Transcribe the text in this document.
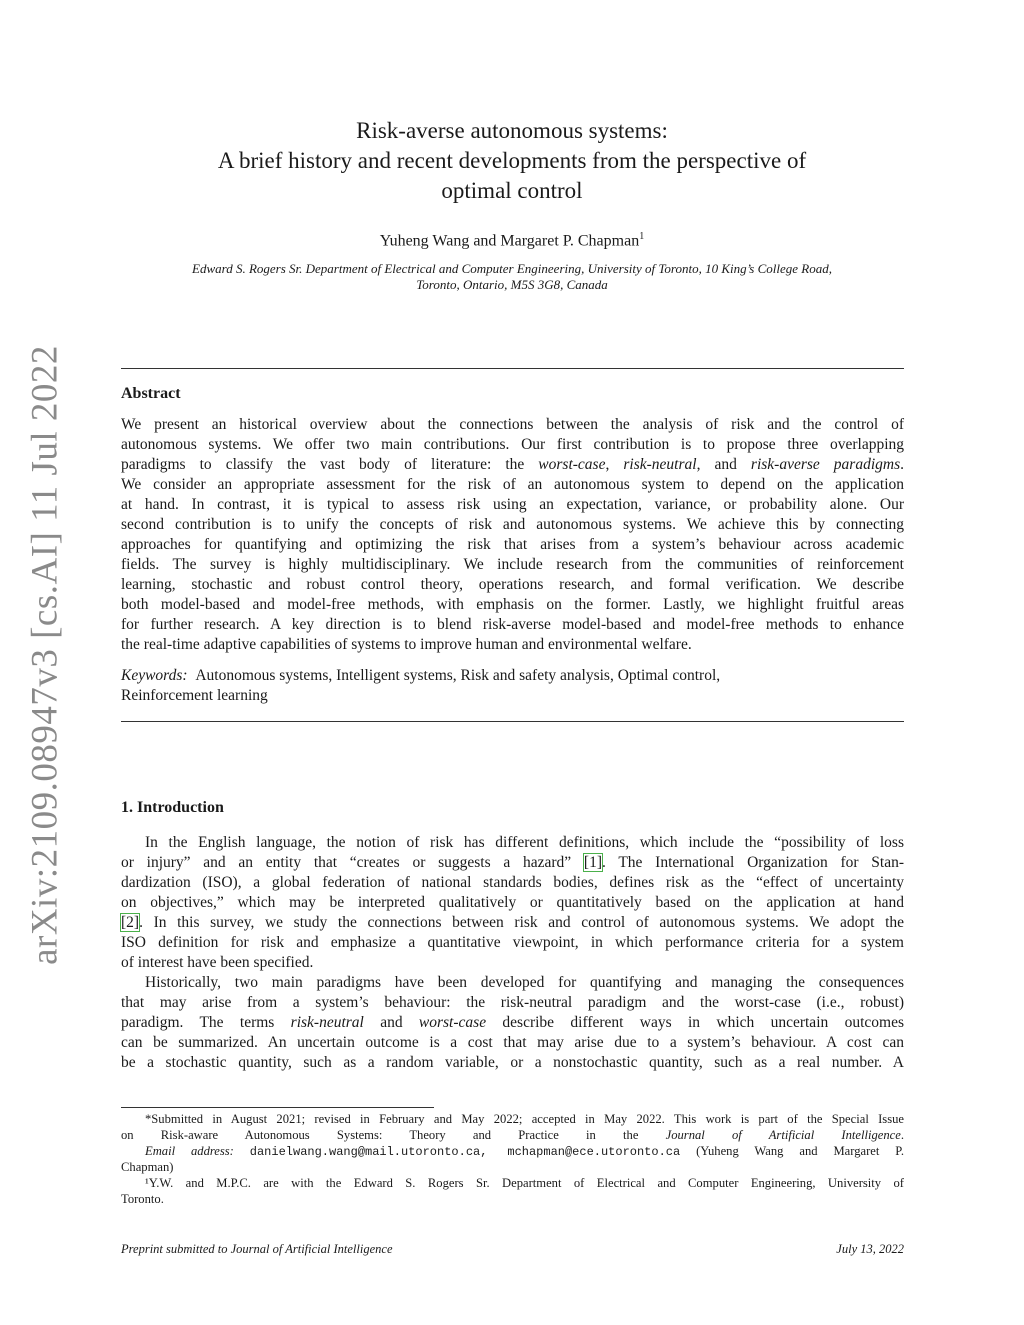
arXiv:2109.08947v3 [cs.AI] 11 Jul 2022
Risk-averse autonomous systems:
A brief history and recent developments from the perspective of
optimal control
Yuheng Wang and Margaret P. Chapman$^1$
Edward S. Rogers Sr. Department of Electrical and Computer Engineering, University of Toronto, 10 King’s College Road,
Toronto, Ontario, M5S 3G8, Canada
Abstract
We present an historical overview about the connections between the analysis of risk and the control of
autonomous systems. We offer two main contributions. Our first contribution is to propose three overlapping
paradigms to classify the vast body of literature: the worst-case, risk-neutral, and risk-averse paradigms.
We consider an appropriate assessment for the risk of an autonomous system to depend on the application
at hand. In contrast, it is typical to assess risk using an expectation, variance, or probability alone. Our
second contribution is to unify the concepts of risk and autonomous systems. We achieve this by connecting
approaches for quantifying and optimizing the risk that arises from a system’s behaviour across academic
fields. The survey is highly multidisciplinary. We include research from the communities of reinforcement
learning, stochastic and robust control theory, operations research, and formal verification. We describe
both model-based and model-free methods, with emphasis on the former. Lastly, we highlight fruitful areas
for further research. A key direction is to blend risk-averse model-based and model-free methods to enhance
the real-time adaptive capabilities of systems to improve human and environmental welfare.
Keywords: Autonomous systems, Intelligent systems, Risk and safety analysis, Optimal control,
Reinforcement learning
1. Introduction
In the English language, the notion of risk has different definitions, which include the “possibility of loss
or injury” and an entity that “creates or suggests a hazard” [1]. The International Organization for Stan-
dardization (ISO), a global federation of national standards bodies, defines risk as the “effect of uncertainty
on objectives,” which may be interpreted qualitatively or quantitatively based on the application at hand
[2]. In this survey, we study the connections between risk and control of autonomous systems. We adopt the
ISO definition for risk and emphasize a quantitative viewpoint, in which performance criteria for a system
of interest have been specified.
Historically, two main paradigms have been developed for quantifying and managing the consequences
that may arise from a system’s behaviour: the risk-neutral paradigm and the worst-case (i.e., robust)
paradigm. The terms risk-neutral and worst-case describe different ways in which uncertain outcomes
can be summarized. An uncertain outcome is a cost that may arise due to a system’s behaviour. A cost can
be a stochastic quantity, such as a random variable, or a nonstochastic quantity, such as a real number. A
*Submitted in August 2021; revised in February and May 2022; accepted in May 2022. This work is part of the Special Issue
on Risk-aware Autonomous Systems: Theory and Practice in the Journal of Artificial Intelligence.
Email address: danielwang.wang@mail.utoronto.ca, mchapman@ece.utoronto.ca (Yuheng Wang and Margaret P.
Chapman)
¹Y.W. and M.P.C. are with the Edward S. Rogers Sr. Department of Electrical and Computer Engineering, University of
Toronto.
Preprint submitted to Journal of Artificial Intelligence	July 13, 2022
